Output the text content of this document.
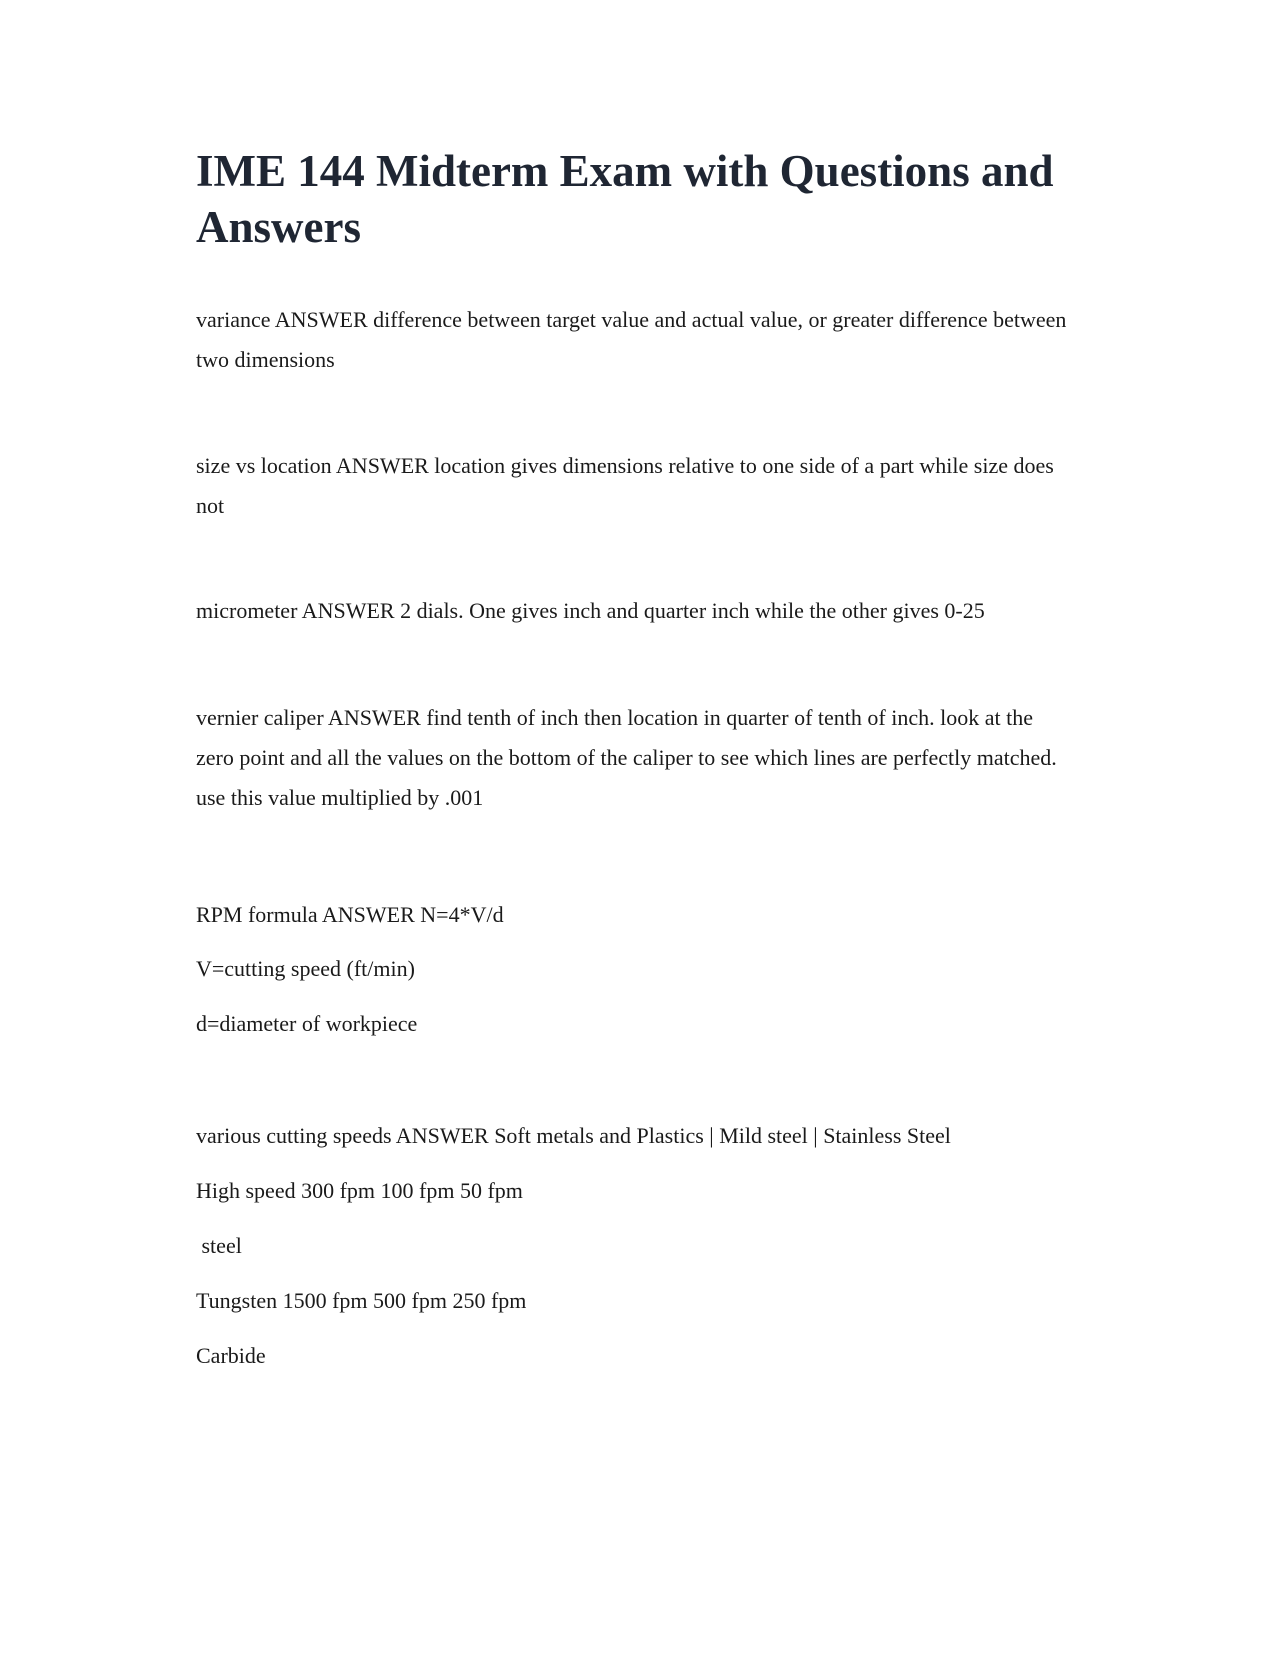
IME 144 Midterm Exam with Questions and Answers

variance ANSWER difference between target value and actual value, or greater difference between two dimensions

size vs location ANSWER location gives dimensions relative to one side of a part while size does not

micrometer ANSWER 2 dials. One gives inch and quarter inch while the other gives 0-25

vernier caliper ANSWER find tenth of inch then location in quarter of tenth of inch. look at the zero point and all the values on the bottom of the caliper to see which lines are perfectly matched. use this value multiplied by .001

RPM formula ANSWER N=4*V/d

V=cutting speed (ft/min)

d=diameter of workpiece

various cutting speeds ANSWER Soft metals and Plastics | Mild steel | Stainless Steel

High speed 300 fpm 100 fpm 50 fpm

steel

Tungsten 1500 fpm 500 fpm 250 fpm

Carbide
